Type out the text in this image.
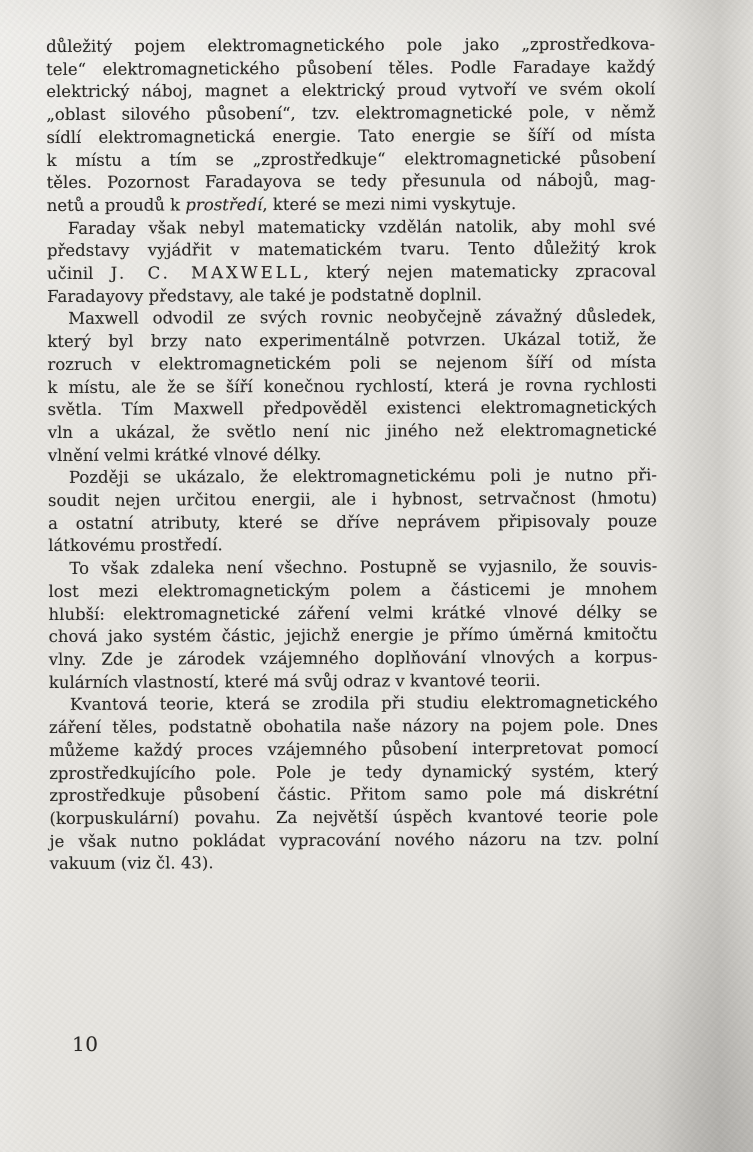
důležitý pojem elektromagnetického pole jako „zprostředkova-
tele“ elektromagnetického působení těles. Podle Faradaye každý
elektrický náboj, magnet a elektrický proud vytvoří ve svém okolí
„oblast silového působení“, tzv. elektromagnetické pole, v němž
sídlí elektromagnetická energie. Tato energie se šíří od místa
k místu a tím se „zprostředkuje“ elektromagnetické působení
těles. Pozornost Faradayova se tedy přesunula od nábojů, mag-
netů a proudů k prostředí, které se mezi nimi vyskytuje.

Faraday však nebyl matematicky vzdělán natolik, aby mohl své
představy vyjádřit v matematickém tvaru. Tento důležitý krok
učinil J. C. MAXWELL, který nejen matematicky zpracoval
Faradayovy představy, ale také je podstatně doplnil.

Maxwell odvodil ze svých rovnic neobyčejně závažný důsledek,
který byl brzy nato experimentálně potvrzen. Ukázal totiž, že
rozruch v elektromagnetickém poli se nejenom šíří od místa
k místu, ale že se šíří konečnou rychlostí, která je rovna rychlosti
světla. Tím Maxwell předpověděl existenci elektromagnetických
vln a ukázal, že světlo není nic jiného než elektromagnetické
vlnění velmi krátké vlnové délky.

Později se ukázalo, že elektromagnetickému poli je nutno při-
soudit nejen určitou energii, ale i hybnost, setrvačnost (hmotu)
a ostatní atributy, které se dříve neprávem připisovaly pouze
látkovému prostředí.

To však zdaleka není všechno. Postupně se vyjasnilo, že souvis-
lost mezi elektromagnetickým polem a částicemi je mnohem
hlubší: elektromagnetické záření velmi krátké vlnové délky se
chová jako systém částic, jejichž energie je přímo úměrná kmitočtu
vlny. Zde je zárodek vzájemného doplňování vlnových a korpus-
kulárních vlastností, které má svůj odraz v kvantové teorii.

Kvantová teorie, která se zrodila při studiu elektromagnetického
záření těles, podstatně obohatila naše názory na pojem pole. Dnes
můžeme každý proces vzájemného působení interpretovat pomocí
zprostředkujícího pole. Pole je tedy dynamický systém, který
zprostředkuje působení částic. Přitom samo pole má diskrétní
(korpuskulární) povahu. Za největší úspěch kvantové teorie pole
je však nutno pokládat vypracování nového názoru na tzv. polní
vakuum (viz čl. 43).

10
